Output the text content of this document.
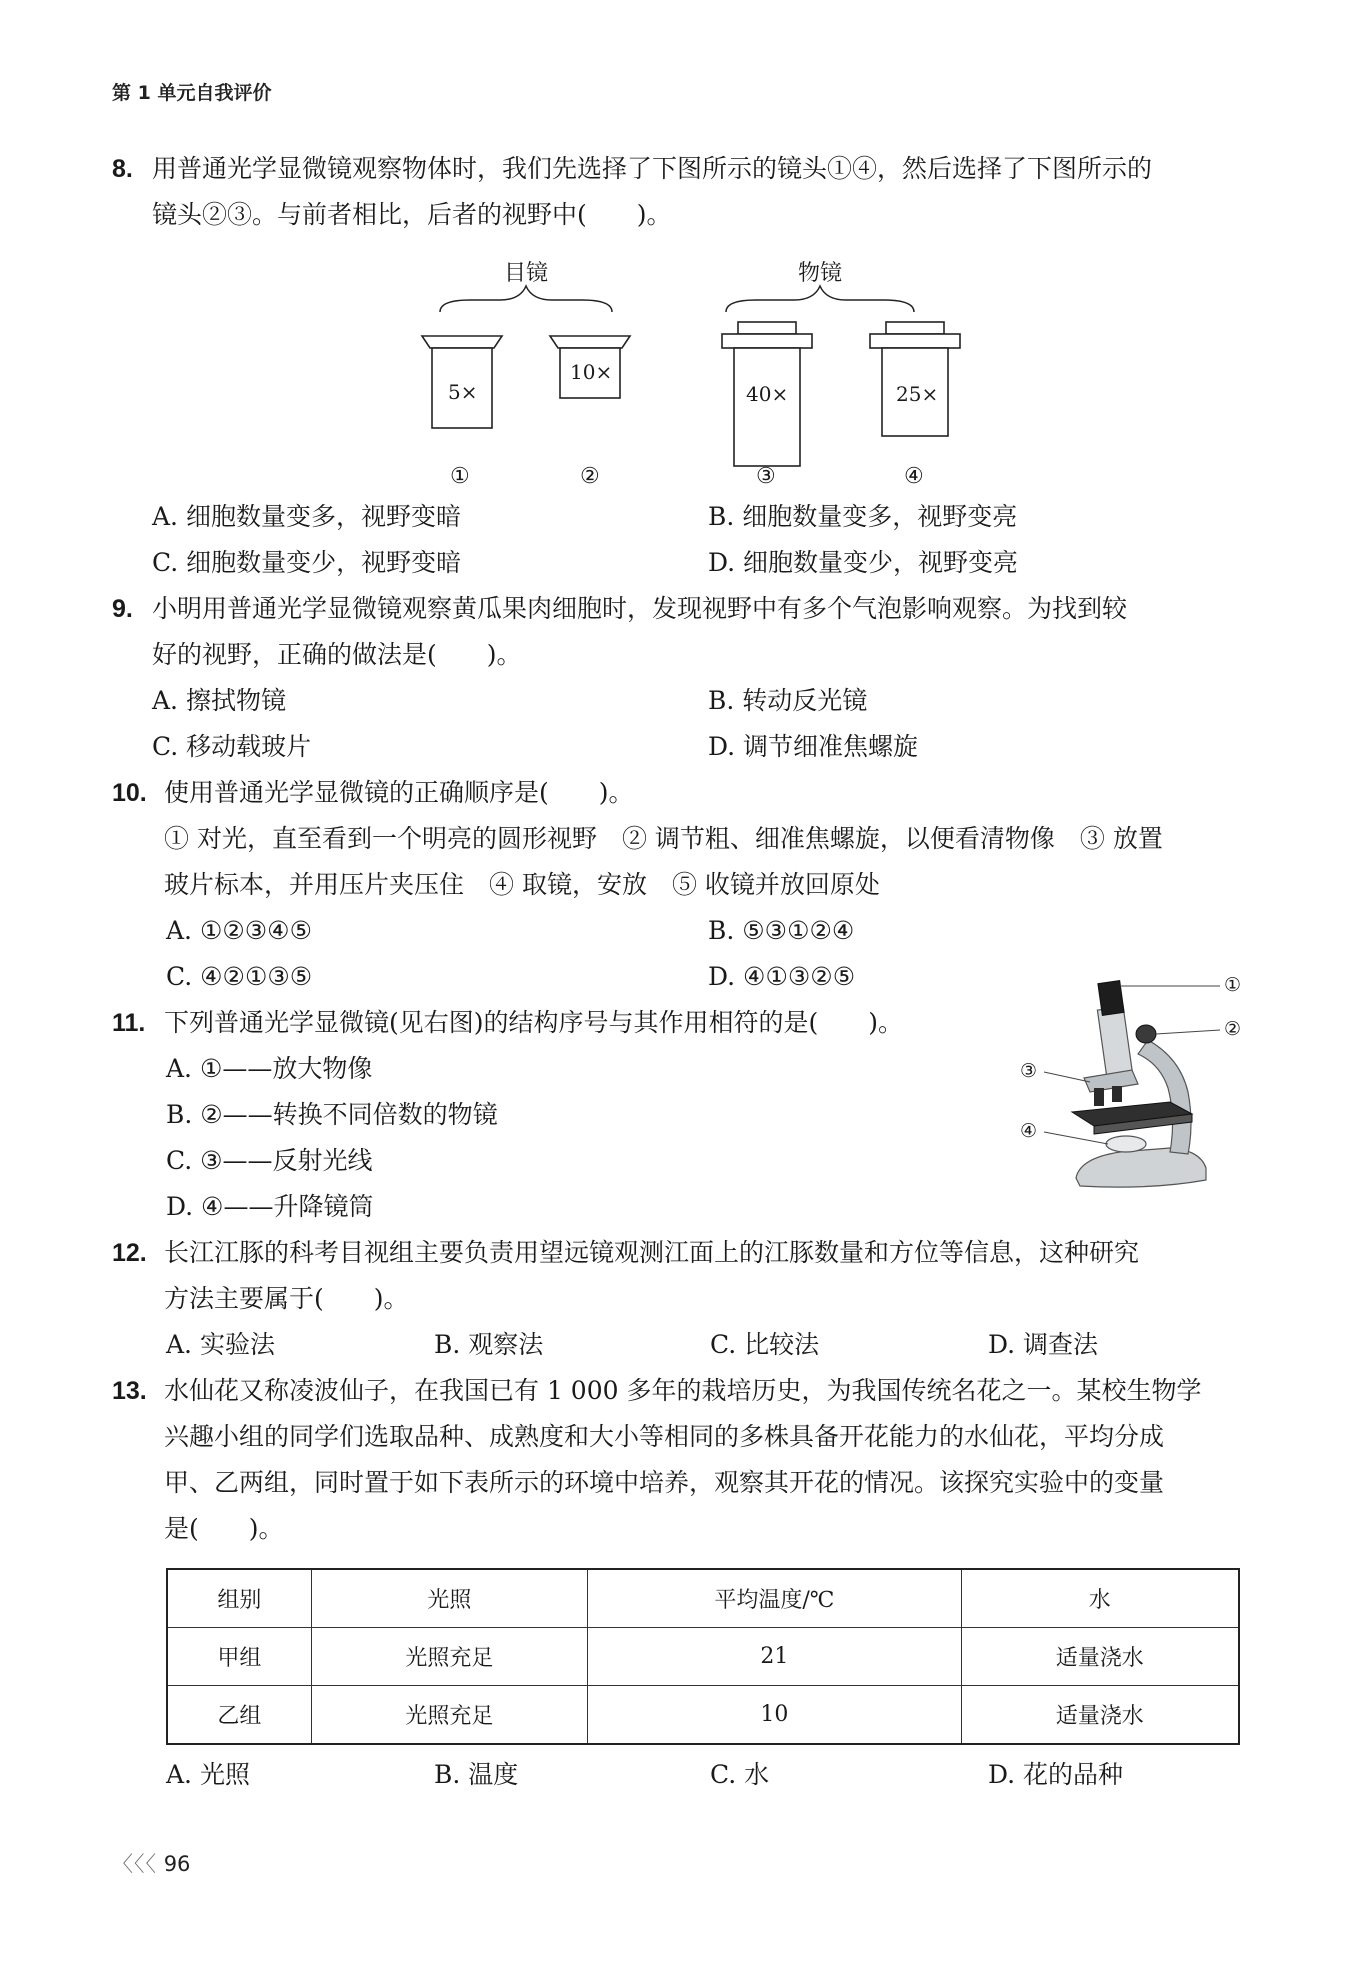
第 1 单元自我评价
8. 用普通光学显微镜观察物体时，我们先选择了下图所示的镜头①④，然后选择了下图所示的
镜头②③。与前者相比，后者的视野中(　　)。
目镜	物镜
5×
10×
40×	25×
①	②	③	④
A. 细胞数量变多，视野变暗	B. 细胞数量变多，视野变亮
C. 细胞数量变少，视野变暗	D. 细胞数量变少，视野变亮
9. 小明用普通光学显微镜观察黄瓜果肉细胞时，发现视野中有多个气泡影响观察。为找到较
好的视野，正确的做法是(　　)。
A. 擦拭物镜	B. 转动反光镜
C. 移动载玻片	D. 调节细准焦螺旋
10. 使用普通光学显微镜的正确顺序是(　　)。
① 对光，直至看到一个明亮的圆形视野　② 调节粗、细准焦螺旋，以便看清物像　③ 放置
玻片标本，并用压片夹压住　④ 取镜，安放　⑤ 收镜并放回原处
A. ①②③④⑤	B. ⑤③①②④
C. ④②①③⑤	D. ④①③②⑤
11. 下列普通光学显微镜(见右图)的结构序号与其作用相符的是(　　)。
A. ①——放大物像
B. ②——转换不同倍数的物镜
C. ③——反射光线
D. ④——升降镜筒
①
②
③
④
12. 长江江豚的科考目视组主要负责用望远镜观测江面上的江豚数量和方位等信息，这种研究
方法主要属于(　　)。
A. 实验法	B. 观察法	C. 比较法	D. 调查法
13. 水仙花又称凌波仙子，在我国已有 1 000 多年的栽培历史，为我国传统名花之一。某校生物学
兴趣小组的同学们选取品种、成熟度和大小等相同的多株具备开花能力的水仙花，平均分成
甲、乙两组，同时置于如下表所示的环境中培养，观察其开花的情况。该探究实验中的变量
是(　　)。
组别	光照	平均温度/℃	水
甲组	光照充足	21	适量浇水
乙组	光照充足	10	适量浇水
A. 光照	B. 温度	C. 水	D. 花的品种
〈〈〈 96
